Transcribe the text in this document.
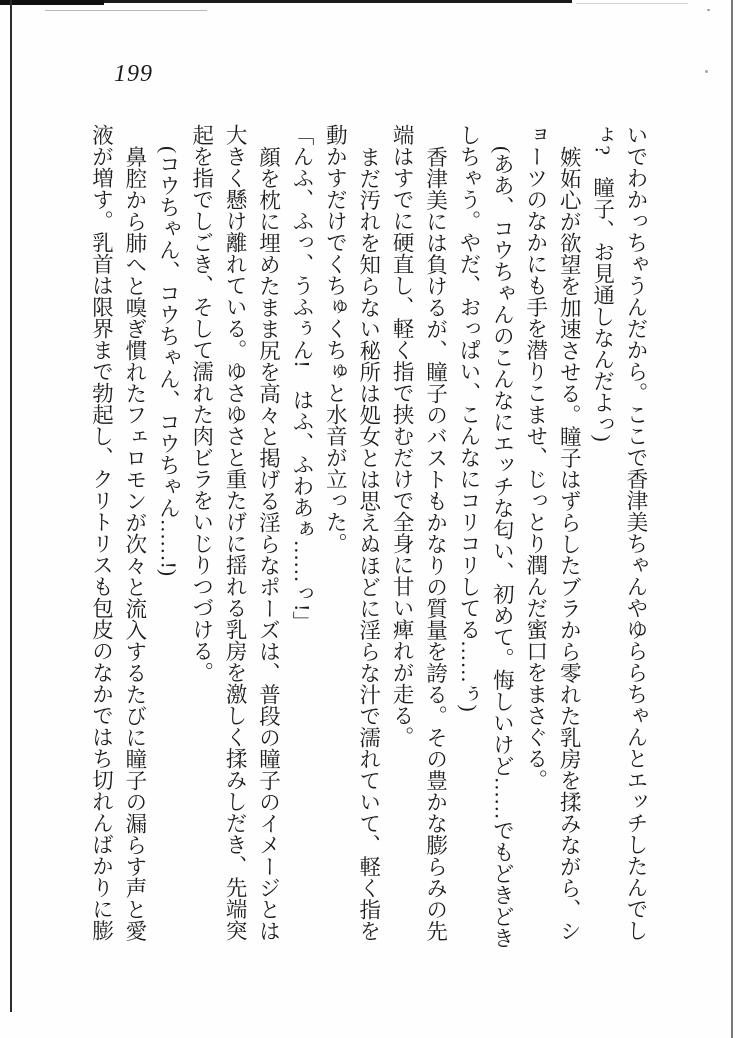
199
いでわかっちゃうんだから。ここで香津美ちゃんやゆららちゃんとエッチしたんでし
ょ?　瞳子、お見通しなんだよっ)
嫉妬心が欲望を加速させる。瞳子はずらしたブラから零れた乳房を揉みながら、シ
ョーツのなかにも手を潜りこませ、じっとり潤んだ蜜口をまさぐる。
(ああ、コウちゃんのこんなにエッチな匂い、初めて。悔しいけど……でもどきどき
しちゃう。やだ、おっぱい、こんなにコリコリしてる……ぅ)
香津美には負けるが、瞳子のバストもかなりの質量を誇る。その豊かな膨らみの先
端はすでに硬直し、軽く指で挟むだけで全身に甘い痺れが走る。
まだ汚れを知らない秘所は処女とは思えぬほどに淫らな汁で濡れていて、軽く指を
動かすだけでくちゅくちゅと水音が立った。
「んふ、ふっ、うふぅん!　はふ、ふわあぁ……っ!」
顔を枕に埋めたまま尻を高々と掲げる淫らなポーズは、普段の瞳子のイメージとは
大きく懸け離れている。ゆさゆさと重たげに揺れる乳房を激しく揉みしだき、先端突
起を指でしごき、そして濡れた肉ビラをいじりつづける。
(コウちゃん、コウちゃん、コウちゃん……!)
鼻腔から肺へと嗅ぎ慣れたフェロモンが次々と流入するたびに瞳子の漏らす声と愛
液が増す。乳首は限界まで勃起し、クリトリスも包皮のなかではち切れんばかりに膨
